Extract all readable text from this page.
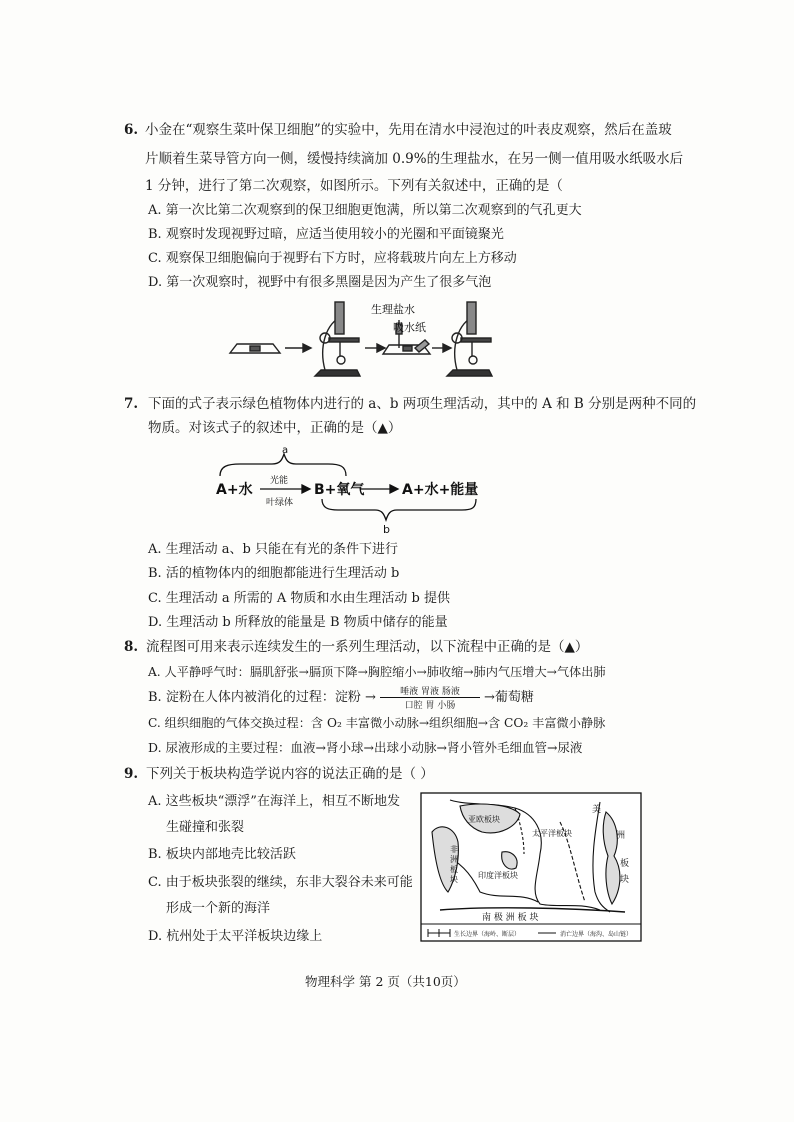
6. 小金在“观察生菜叶保卫细胞”的实验中，先用在清水中浸泡过的叶表皮观察，然后在盖玻
片顺着生菜导管方向一侧，缓慢持续滴加 0.9%的生理盐水，在另一侧一值用吸水纸吸水后
1 分钟，进行了第二次观察，如图所示。下列有关叙述中，正确的是（
A. 第一次比第二次观察到的保卫细胞更饱满，所以第二次观察到的气孔更大
B. 观察时发现视野过暗，应适当使用较小的光圈和平面镜聚光
C. 观察保卫细胞偏向于视野右下方时，应将载玻片向左上方移动
D. 第一次观察时，视野中有很多黑圈是因为产生了很多气泡
生理盐水
吸水纸
7. 下面的式子表示绿色植物体内进行的 a、b 两项生理活动，其中的 A 和 B 分别是两种不同的
物质。对该式子的叙述中，正确的是（▲）
a
A+水
光能
叶绿体
B+氧气	A+水+能量
b
A. 生理活动 a、b 只能在有光的条件下进行
B. 活的植物体内的细胞都能进行生理活动 b
C. 生理活动 a 所需的 A 物质和水由生理活动 b 提供
D. 生理活动 b 所释放的能量是 B 物质中储存的能量
8. 流程图可用来表示连续发生的一系列生理活动，以下流程中正确的是（▲）
A. 人平静呼气时：膈肌舒张→膈顶下降→胸腔缩小→肺收缩→肺内气压增大→气体出肺
B. 淀粉在人体内被消化的过程：淀粉 →	唾液 胃液 肠液
口腔 胃 小肠
→葡萄糖
C. 组织细胞的气体交换过程：含 O₂ 丰富微小动脉→组织细胞→含 CO₂ 丰富微小静脉
D. 尿液形成的主要过程：血液→肾小球→出球小动脉→肾小管外毛细血管→尿液
9. 下列关于板块构造学说内容的说法正确的是（ ）
A. 这些板块“漂浮”在海洋上，相互不断地发
生碰撞和张裂
B. 板块内部地壳比较活跃
C. 由于板块张裂的继续，东非大裂谷未来可能
形成一个新的海洋
D. 杭州处于太平洋板块边缘上
亚欧板块
太平洋板块
非
洲
板
块	印度洋板块
美
洲
板
块
南 极 洲 板 块
生长边界（海岭、断层）	消亡边界（海沟、岛山链）
物理科学 第 2 页（共10页）
